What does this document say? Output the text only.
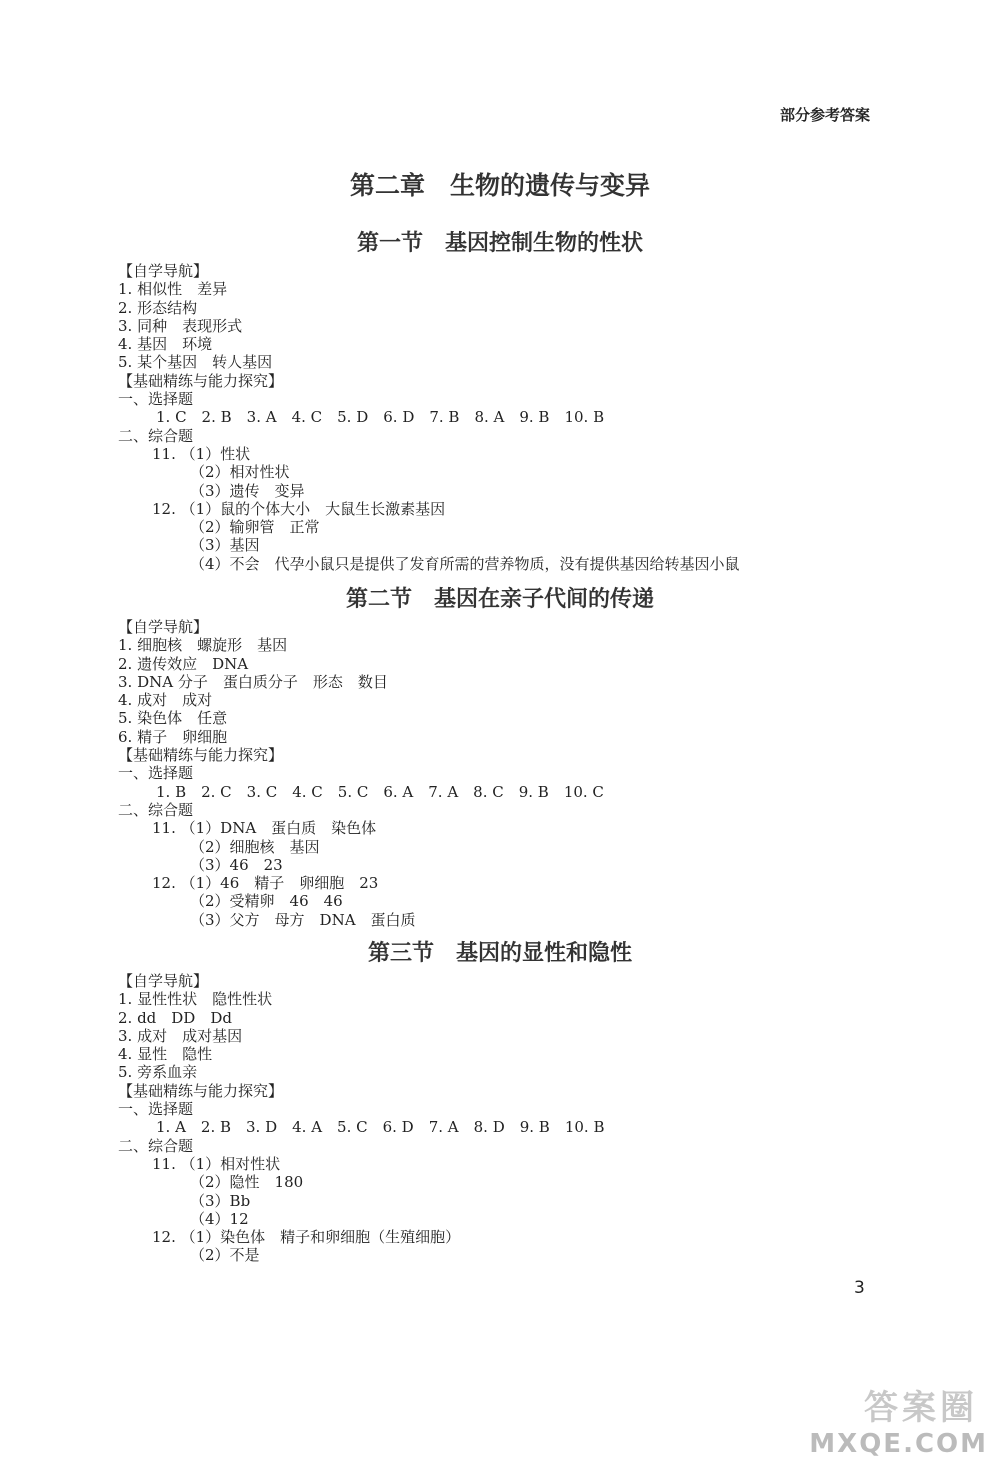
部分参考答案
第二章　生物的遗传与变异
第一节　基因控制生物的性状
【自学导航】
1. 相似性　差异
2. 形态结构
3. 同种　表现形式
4. 基因　环境
5. 某个基因　转人基因
【基础精练与能力探究】
一、选择题
1. C　2. B　3. A　4. C　5. D　6. D　7. B　8. A　9. B　10. B
二、综合题
11. （1）性状
（2）相对性状
（3）遗传　变异
12. （1）鼠的个体大小　大鼠生长激素基因
（2）输卵管　正常
（3）基因
（4）不会　代孕小鼠只是提供了发育所需的营养物质，没有提供基因给转基因小鼠
第二节　基因在亲子代间的传递
【自学导航】
1. 细胞核　螺旋形　基因
2. 遗传效应　DNA
3. DNA 分子　蛋白质分子　形态　数目
4. 成对　成对
5. 染色体　任意
6. 精子　卵细胞
【基础精练与能力探究】
一、选择题
1. B　2. C　3. C　4. C　5. C　6. A　7. A　8. C　9. B　10. C
二、综合题
11. （1）DNA　蛋白质　染色体
（2）细胞核　基因
（3）46　23
12. （1）46　精子　卵细胞　23
（2）受精卵　46　46
（3）父方　母方　DNA　蛋白质
第三节　基因的显性和隐性
【自学导航】
1. 显性性状　隐性性状
2. dd　DD　Dd
3. 成对　成对基因
4. 显性　隐性
5. 旁系血亲
【基础精练与能力探究】
一、选择题
1. A　2. B　3. D　4. A　5. C　6. D　7. A　8. D　9. B　10. B
二、综合题
11. （1）相对性状
（2）隐性　180
（3）Bb
（4）12
12. （1）染色体　精子和卵细胞（生殖细胞）
（2）不是
3
答案圈
MXQE.COM
